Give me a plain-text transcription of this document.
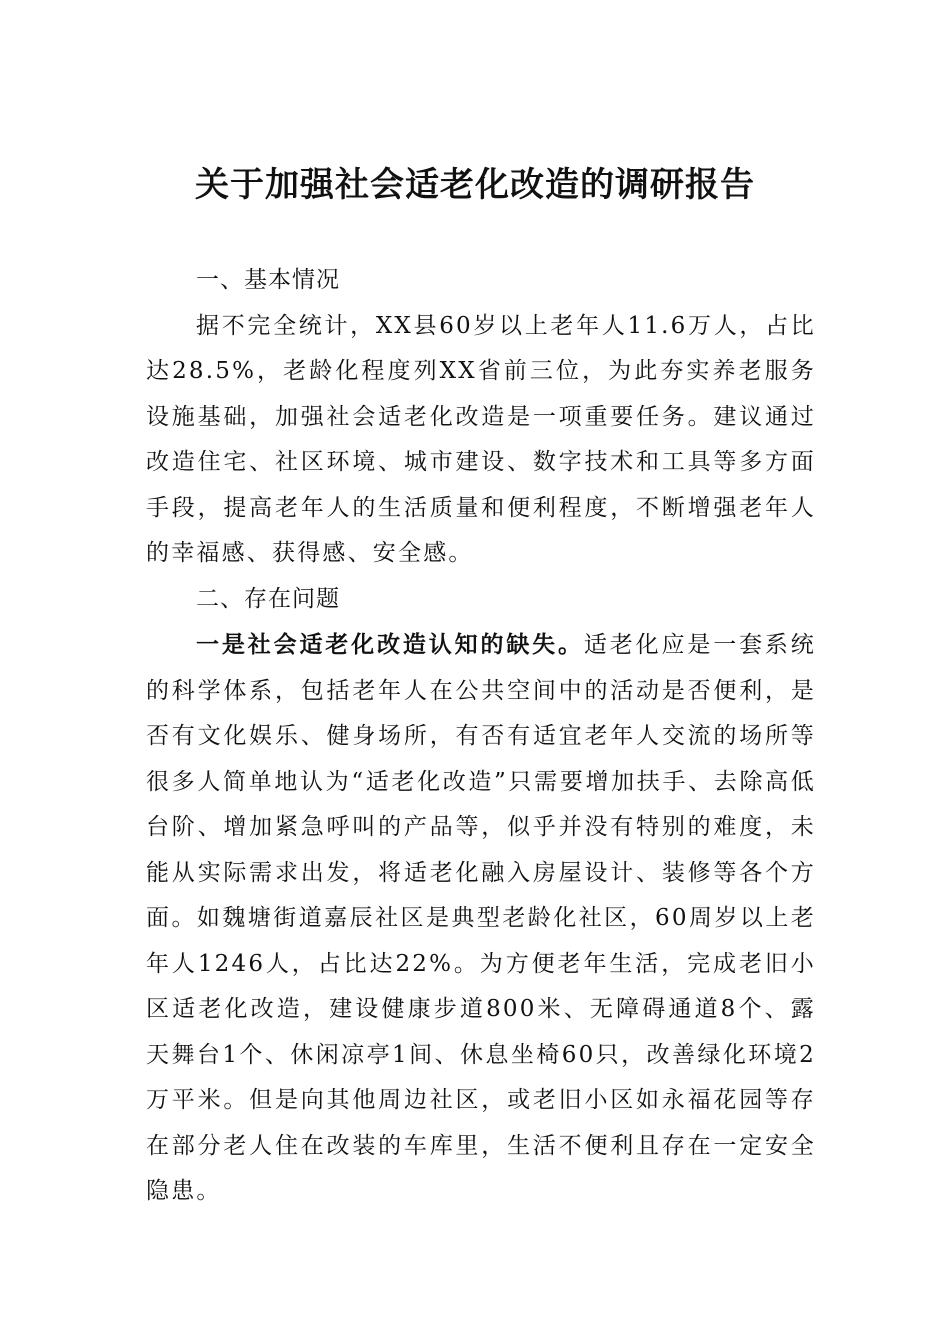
关于加强社会适老化改造的调研报告

一、基本情况

据不完全统计，XX县60岁以上老年人11.6万人，占比达28.5%，老龄化程度列XX省前三位，为此夯实养老服务设施基础，加强社会适老化改造是一项重要任务。建议通过改造住宅、社区环境、城市建设、数字技术和工具等多方面手段，提高老年人的生活质量和便利程度，不断增强老年人的幸福感、获得感、安全感。

二、存在问题

一是社会适老化改造认知的缺失。适老化应是一套系统的科学体系，包括老年人在公共空间中的活动是否便利，是否有文化娱乐、健身场所，有否有适宜老年人交流的场所等很多人简单地认为“适老化改造”只需要增加扶手、去除高低台阶、增加紧急呼叫的产品等，似乎并没有特别的难度，未能从实际需求出发，将适老化融入房屋设计、装修等各个方面。如魏塘街道嘉辰社区是典型老龄化社区，60周岁以上老年人1246人，占比达22%。为方便老年生活，完成老旧小区适老化改造，建设健康步道800米、无障碍通道8个、露天舞台1个、休闲凉亭1间、休息坐椅60只，改善绿化环境2万平米。但是向其他周边社区，或老旧小区如永福花园等存在部分老人住在改装的车库里，生活不便利且存在一定安全隐患。
